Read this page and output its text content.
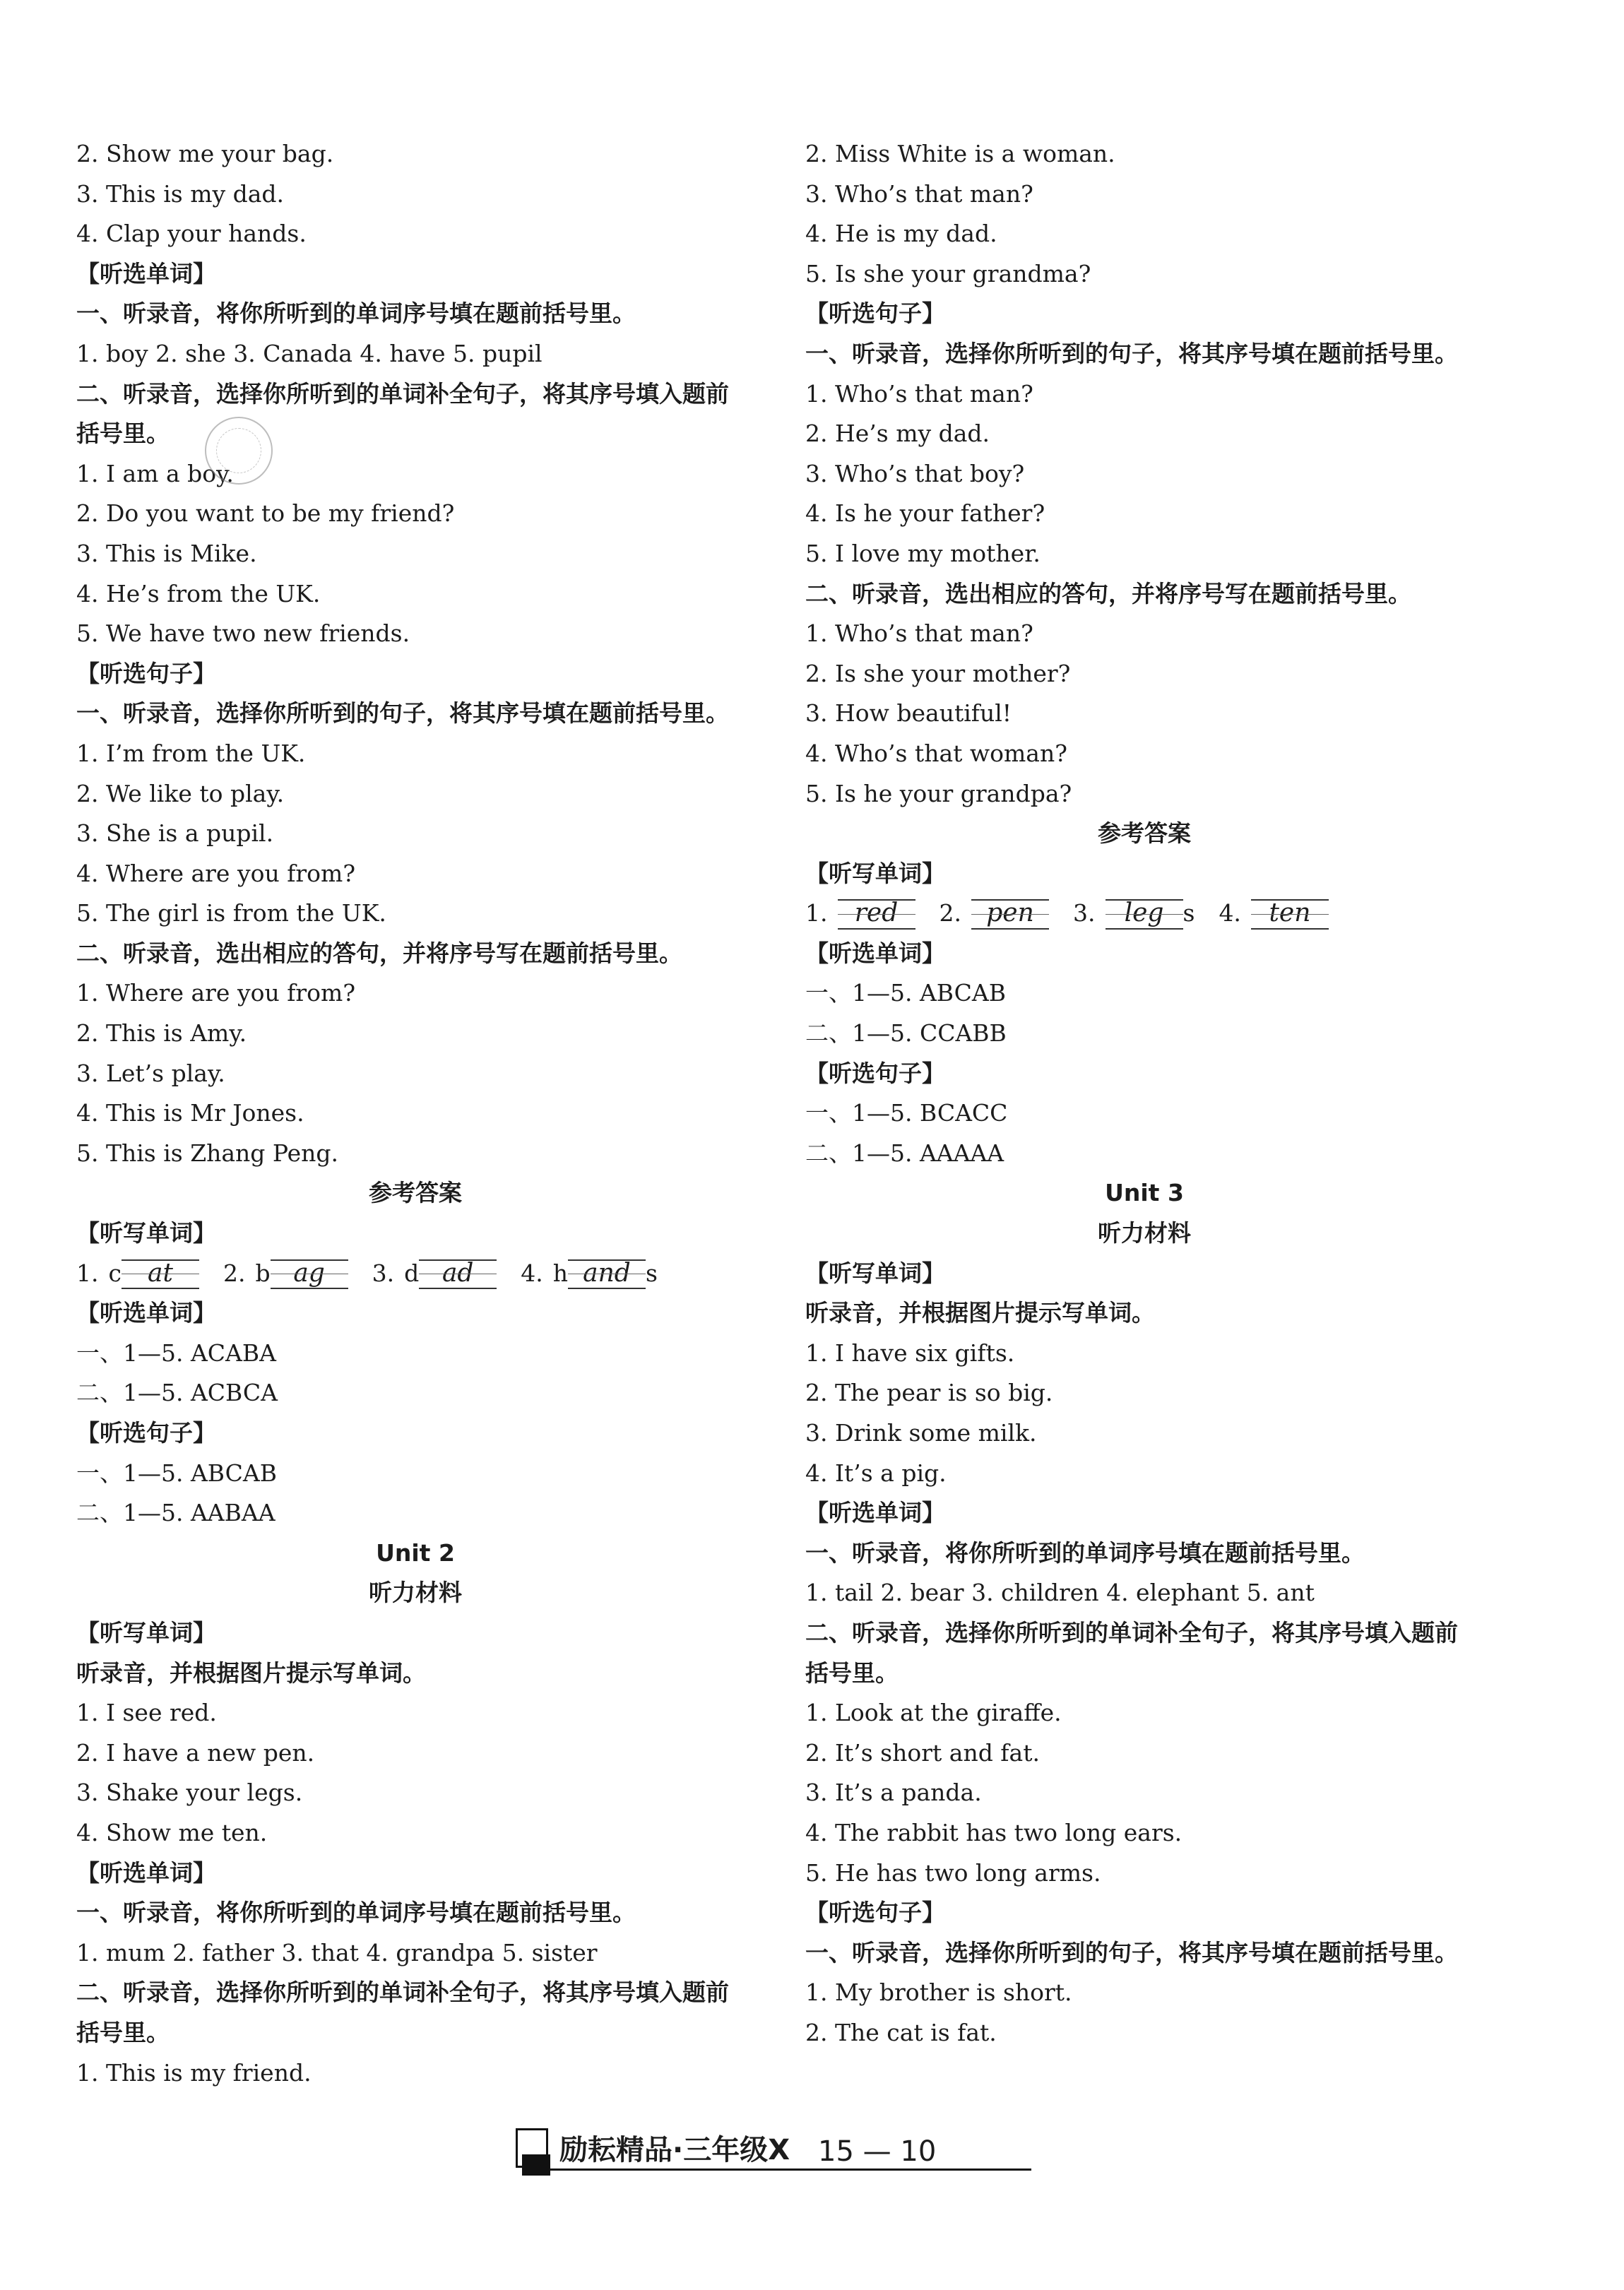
2. Show me your bag.
3. This is my dad.
4. Clap your hands.
【听选单词】
一、听录音，将你所听到的单词序号填在题前括号里。
1. boy 2. she 3. Canada 4. have 5. pupil
二、听录音，选择你所听到的单词补全句子，将其序号填入题前
括号里。
1. I am a boy.
2. Do you want to be my friend?
3. This is Mike.
4. He’s from the UK.
5. We have two new friends.
【听选句子】
一、听录音，选择你所听到的句子，将其序号填在题前括号里。
1. I’m from the UK.
2. We like to play.
3. She is a pupil.
4. Where are you from?
5. The girl is from the UK.
二、听录音，选出相应的答句，并将序号写在题前括号里。
1. Where are you from?
2. This is Amy.
3. Let’s play.
4. This is Mr Jones.
5. This is Zhang Peng.
参考答案
【听写单词】
1. c	at	2. b ag	3. d ad	4. h and s
【听选单词】
一、1—5. ACABA
二、1—5. ACBCA
【听选句子】
一、1—5. ABCAB
二、1—5. AABAA
Unit 2
听力材料
【听写单词】
听录音，并根据图片提示写单词。
1. I see red.
2. I have a new pen.
3. Shake your legs.
4. Show me ten.
【听选单词】
一、听录音，将你所听到的单词序号填在题前括号里。
1. mum 2. father 3. that 4. grandpa 5. sister
二、听录音，选择你所听到的单词补全句子，将其序号填入题前
括号里。
1. This is my friend.
2. Miss White is a woman.
3. Who’s that man?
4. He is my dad.
5. Is she your grandma?
【听选句子】
一、听录音，选择你所听到的句子，将其序号填在题前括号里。
1. Who’s that man?
2. He’s my dad.
3. Who’s that boy?
4. Is he your father?
5. I love my mother.
二、听录音，选出相应的答句，并将序号写在题前括号里。
1. Who’s that man?
2. Is she your mother?
3. How beautiful!
4. Who’s that woman?
5. Is he your grandpa?
参考答案
【听写单词】
1.	red	2. pen	3.	leg s 4.	ten
【听选单词】
一、1—5. ABCAB
二、1—5. CCABB
【听选句子】
一、1—5. BCACC
二、1—5. AAAAA
Unit 3
听力材料
【听写单词】
听录音，并根据图片提示写单词。
1. I have six gifts.
2. The pear is so big.
3. Drink some milk.
4. It’s a pig.
【听选单词】
一、听录音，将你所听到的单词序号填在题前括号里。
1. tail 2. bear 3. children 4. elephant 5. ant
二、听录音，选择你所听到的单词补全句子，将其序号填入题前
括号里。
1. Look at the giraffe.
2. It’s short and fat.
3. It’s a panda.
4. The rabbit has two long ears.
5. He has two long arms.
【听选句子】
一、听录音，选择你所听到的句子，将其序号填在题前括号里。
1. My brother is short.
2. The cat is fat.
励耘精品·三年级X 15 — 10
